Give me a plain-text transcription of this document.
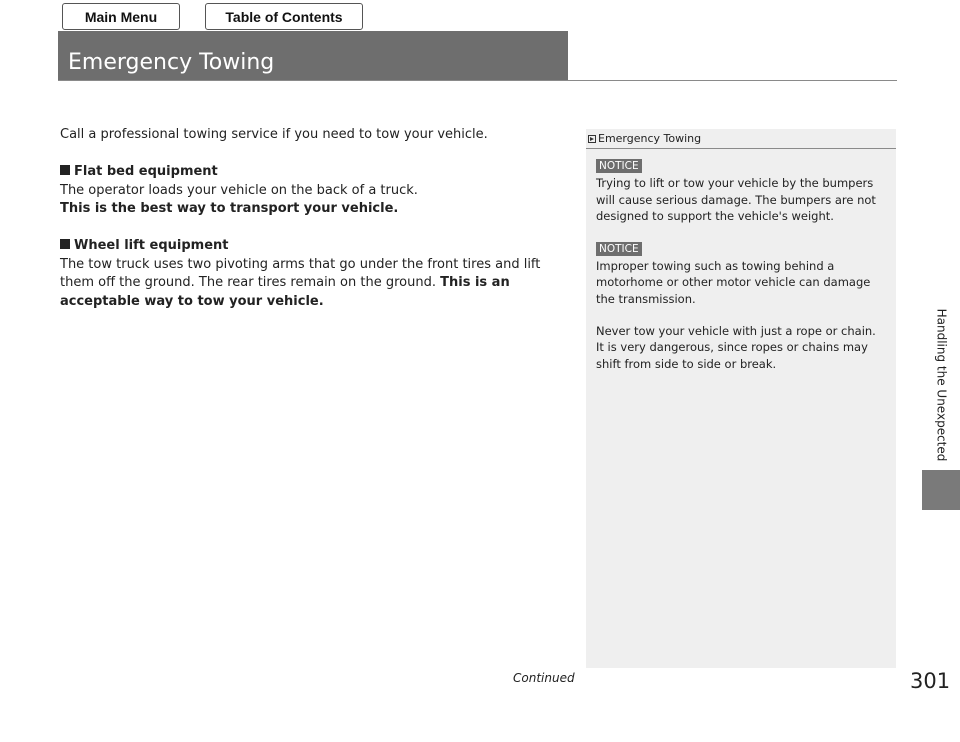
Main Menu	Table of Contents
Emergency Towing

Call a professional towing service if you need to tow your vehicle.

Flat bed equipment

The operator loads your vehicle on the back of a truck.

This is the best way to transport your vehicle.

Wheel lift equipment

The tow truck uses two pivoting arms that go under the front tires and lift them off the ground. The rear tires remain on the ground. This is an acceptable way to tow your vehicle.

Emergency Towing
NOTICE

Trying to lift or tow your vehicle by the bumpers will cause serious damage. The bumpers are not designed to support the vehicle's weight.

NOTICE

Improper towing such as towing behind a motorhome or other motor vehicle can damage the transmission.

Never tow your vehicle with just a rope or chain.

It is very dangerous, since ropes or chains may shift from side to side or break.	Handling the Unexpected
Continued	301
